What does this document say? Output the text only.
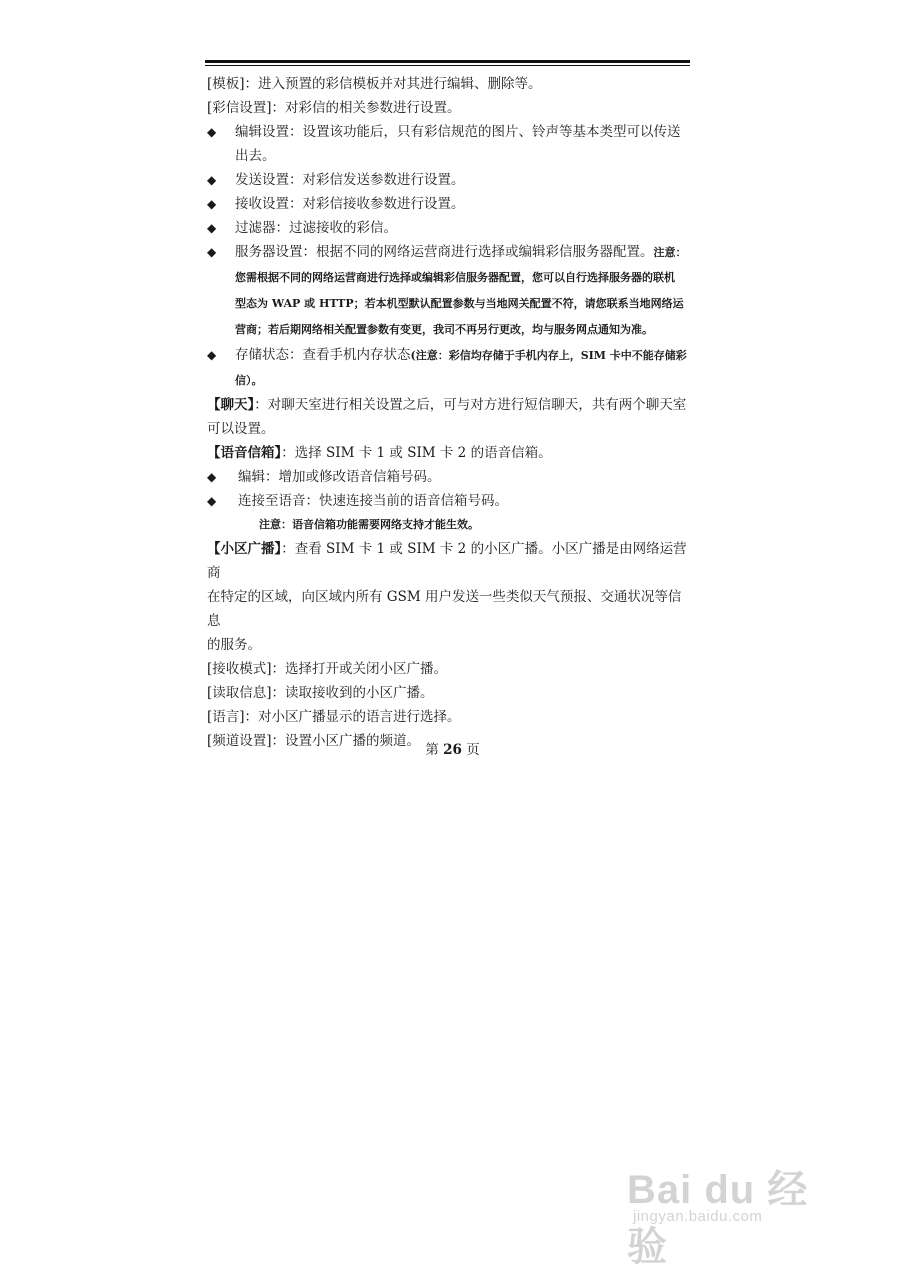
[模板]：进入预置的彩信模板并对其进行编辑、删除等。

[彩信设置]：对彩信的相关参数进行设置。

◆ 编辑设置：设置该功能后，只有彩信规范的图片、铃声等基本类型可以传送
出去。
◆ 发送设置：对彩信发送参数进行设置。
◆ 接收设置：对彩信接收参数进行设置。
◆ 过滤器：过滤接收的彩信。
◆ 服务器设置：根据不同的网络运营商进行选择或编辑彩信服务器配置。注意：
您需根据不同的网络运营商进行选择或编辑彩信服务器配置，您可以自行选择服务器的联机
型态为 WAP 或 HTTP；若本机型默认配置参数与当地网关配置不符，请您联系当地网络运
营商；若后期网络相关配置参数有变更，我司不再另行更改，均与服务网点通知为准。
◆ 存储状态：查看手机内存状态(注意：彩信均存储于手机内存上，SIM 卡中不能存储彩
信）。

【聊天】：对聊天室进行相关设置之后，可与对方进行短信聊天，共有两个聊天室
可以设置。

【语音信箱】：选择 SIM 卡 1 或 SIM 卡 2 的语音信箱。

◆ 编辑：增加或修改语音信箱号码。
◆ 连接至语音：快速连接当前的语音信箱号码。
注意：语音信箱功能需要网络支持才能生效。

【小区广播】：查看 SIM 卡 1 或 SIM 卡 2 的小区广播。小区广播是由网络运营商
在特定的区域，向区域内所有 GSM 用户发送一些类似天气预报、交通状况等信息
的服务。

[接收模式]：选择打开或关闭小区广播。

[读取信息]：读取接收到的小区广播。

[语言]：对小区广播显示的语言进行选择。

[频道设置]：设置小区广播的频道。

第 26 页
Bai du 经验
jingyan.baidu.com
